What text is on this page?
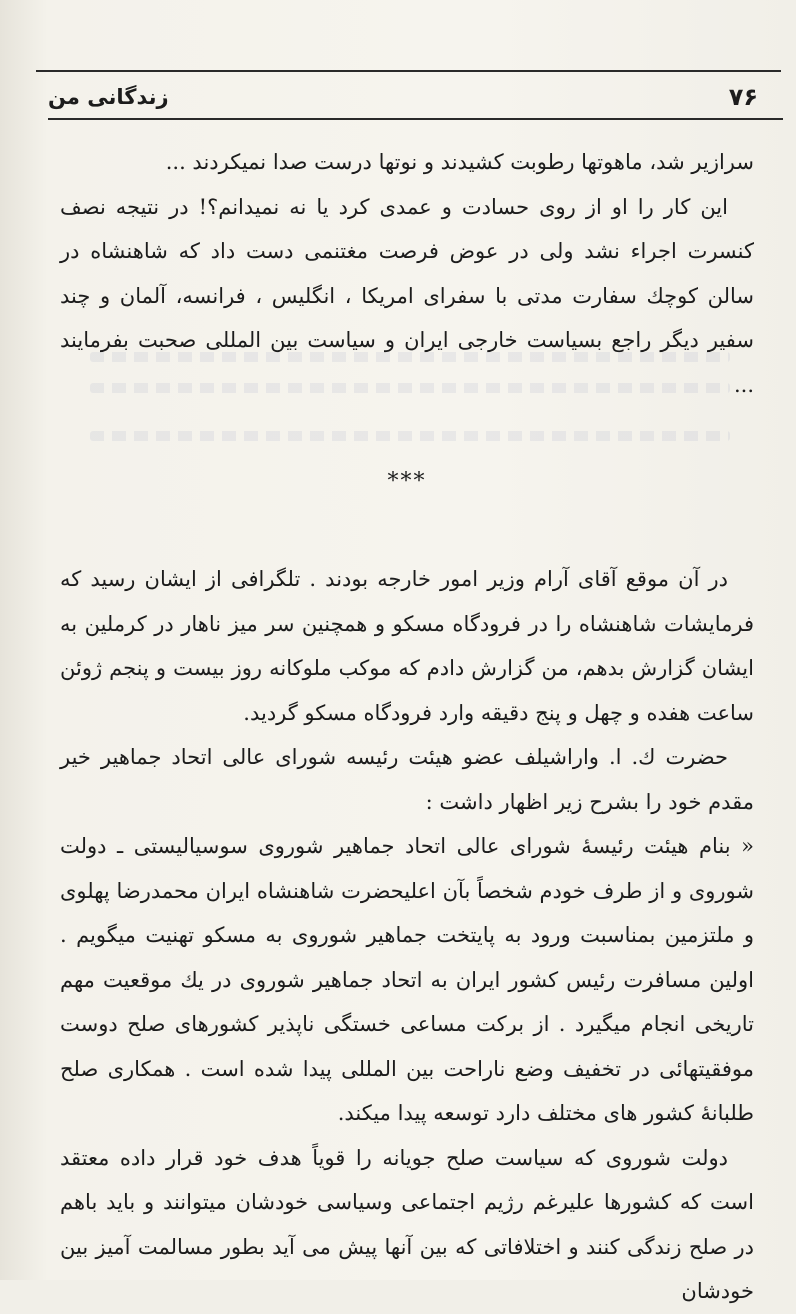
زندگانی من	۷۶

سرازیر شد، ماهوتها رطوبت کشیدند و نوتها درست صدا نمیکردند ...

این کار را او از روی حسادت و عمدی کرد یا نه نمیدانم؟! در نتیجه نصف کنسرت اجراء نشد ولی در عوض فرصت مغتنمی دست داد که شاهنشاه در سالن کوچك سفارت مدتی با سفرای امریکا ، انگلیس ، فرانسه، آلمان و چند سفیر دیگر راجع بسیاست خارجی ایران و سیاست بین المللی صحبت بفرمایند ...

***

در آن موقع آقای آرام وزیر امور خارجه بودند . تلگرافی از ایشان رسید که فرمایشات شاهنشاه را در فرودگاه مسکو و همچنین سر میز ناهار در کرملین به ایشان گزارش بدهم، من گزارش دادم که موکب ملوکانه روز بیست و پنجم ژوئن ساعت هفده و چهل و پنج دقیقه وارد فرودگاه مسکو گردید.

حضرت ك. ا. واراشیلف عضو هیئت رئیسه شورای عالی اتحاد جماهیر خیر مقدم خود را بشرح زیر اظهار داشت :

« بنام هیئت رئیسهٔ شورای عالی اتحاد جماهیر شوروی سوسیالیستی ـ دولت شوروی و از طرف خودم شخصاً بآن اعلیحضرت شاهنشاه ایران محمدرضا پهلوی و ملتزمین بمناسبت ورود به پایتخت جماهیر شوروی به مسکو تهنیت میگویم . اولین مسافرت رئیس کشور ایران به اتحاد جماهیر شوروی در یك موقعیت مهم تاریخی انجام میگیرد . از برکت مساعی خستگی ناپذیر کشورهای صلح دوست موفقیتهائی در تخفیف وضع ناراحت بین المللی پیدا شده است . همکاری صلح طلبانهٔ کشور های مختلف دارد توسعه پیدا میکند.

دولت شوروی که سیاست صلح جویانه را قویاً هدف خود قرار داده معتقد است که کشورها علیرغم رژیم اجتماعی وسیاسی خودشان میتوانند و باید باهم در صلح زندگی کنند و اختلافاتی که بین آنها پیش می آید بطور مسالمت آمیز بین خودشان
